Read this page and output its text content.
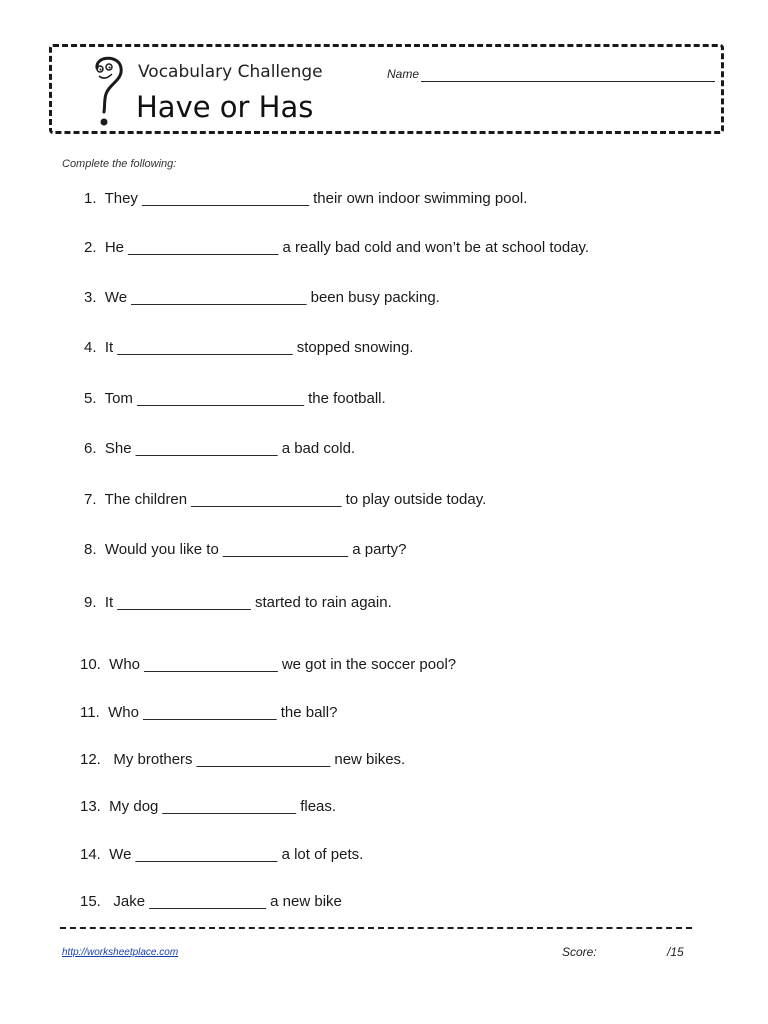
Vocabulary Challenge
Have or Has
Name
Complete the following:
1.  They ____________________ their own indoor swimming pool.
2.  He __________________ a really bad cold and won’t be at school today.
3.  We _____________________ been busy packing.
4.  It _____________________ stopped snowing.
5.  Tom ____________________ the football.
6.  She _________________ a bad cold.
7.  The children __________________ to play outside today.
8.  Would you like to _______________ a party?
9.  It ________________ started to rain again.
10.  Who ________________ we got in the soccer pool?
11.  Who ________________ the ball?
12.   My brothers ________________ new bikes.
13.  My dog ________________ fleas.
14.  We _________________ a lot of pets.
15.   Jake ______________ a new bike
http://worksheetplace.com	Score:	/15
